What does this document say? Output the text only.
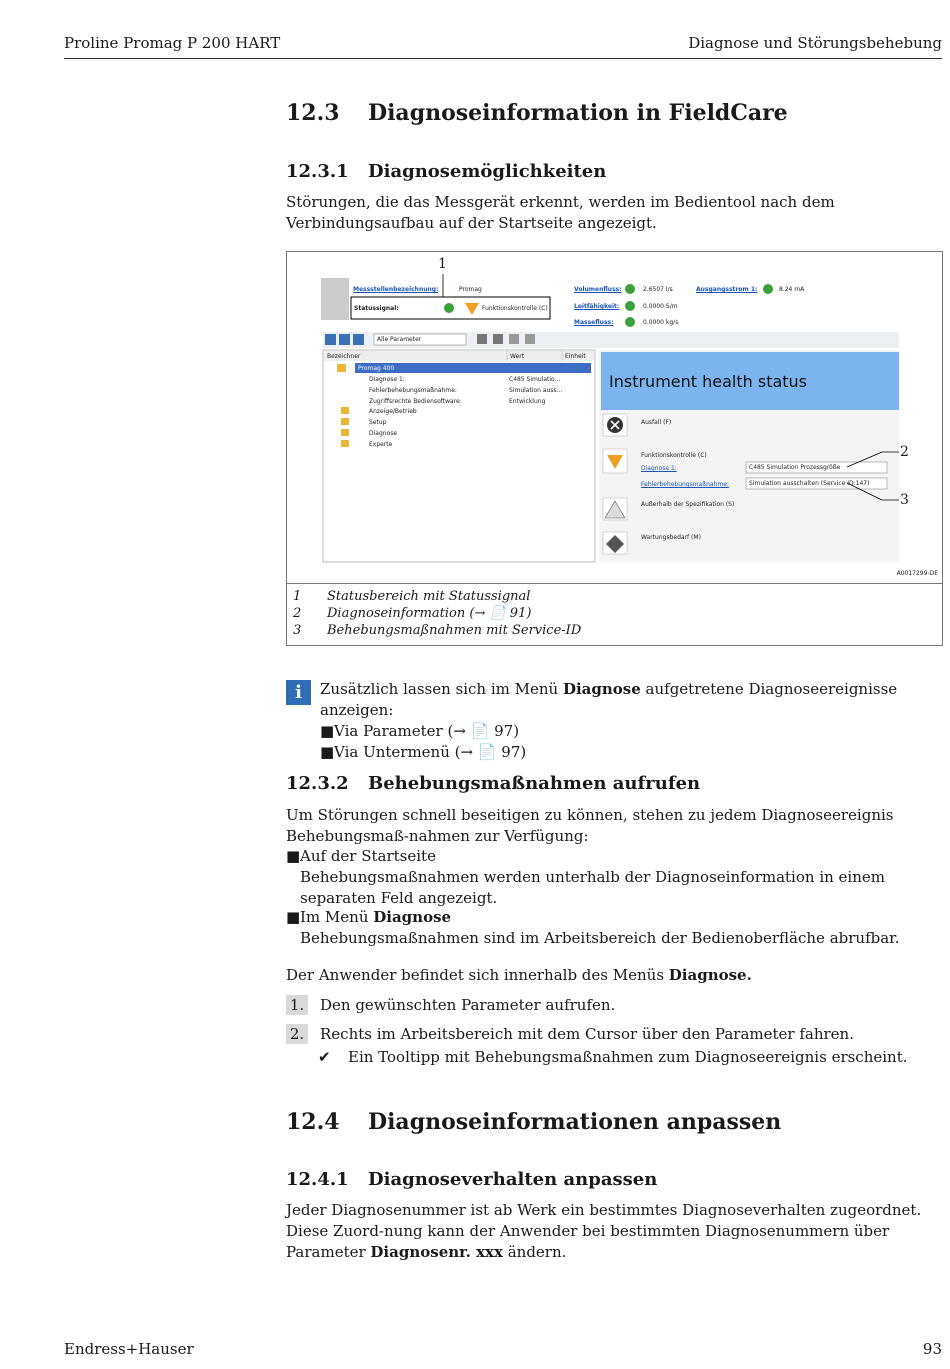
Proline Promag P 200 HART	Diagnose und Störungsbehebung
12.3 Diagnoseinformation in FieldCare
12.3.1 Diagnosemöglichkeiten
Störungen, die das Messgerät erkennt, werden im Bedientool nach dem Verbindungsaufbau auf der Startseite angezeigt.
1
2
3
Messstellenbezeichnung:	Promag
Statussignal:	Funktionskontrolle (C)
Volumenfluss:	2.6507 l/s
Leitfähigkeit:	0.0000 S/m
Massefluss:	0.0000 kg/s
Ausgangsstrom 1:	8.24 mA
Alle Parameter
Bezeichner	Wert	Einheit
Promag 400
Diagnose 1:	C485 Simulatio...
Fehlerbehebungsmaßnahme:	Simulation auss...
Zugriffsrechte Bediensoftware:	Entwicklung
Anzeige/Betrieb
Setup
Diagnose
Experte
Instrument health status
Ausfall (F)
Funktionskontrolle (C)
Diagnose 1:	C485 Simulation Prozessgröße
Fehlerbehebungsmaßnahme:	Simulation ausschalten (Service ID:147)
Außerhalb der Spezifikation (S)
Wartungsbedarf (M)
A0017299-DE
1 Statusbereich mit Statussignal
2 Diagnoseinformation (→ 📄 91)
3 Behebungsmaßnahmen mit Service-ID
i	Zusätzlich lassen sich im Menü Diagnose aufgetretene Diagnoseereignisse anzeigen:
■Via Parameter (→ 📄 97)
■Via Untermenü (→ 📄 97)
12.3.2 Behebungsmaßnahmen aufrufen
Um Störungen schnell beseitigen zu können, stehen zu jedem Diagnoseereignis Behebungsmaß-nahmen zur Verfügung:
■Auf der Startseite
Behebungsmaßnahmen werden unterhalb der Diagnoseinformation in einem separaten Feld angezeigt.
■Im Menü Diagnose
Behebungsmaßnahmen sind im Arbeitsbereich der Bedienoberfläche abrufbar.
Der Anwender befindet sich innerhalb des Menüs Diagnose.
1. Den gewünschten Parameter aufrufen.
2. Rechts im Arbeitsbereich mit dem Cursor über den Parameter fahren.
✔ Ein Tooltipp mit Behebungsmaßnahmen zum Diagnoseereignis erscheint.
12.4 Diagnoseinformationen anpassen
12.4.1 Diagnoseverhalten anpassen
Jeder Diagnosenummer ist ab Werk ein bestimmtes Diagnoseverhalten zugeordnet. Diese Zuord-nung kann der Anwender bei bestimmten Diagnosenummern über Parameter Diagnosenr. xxx ändern.
Endress+Hauser	93
